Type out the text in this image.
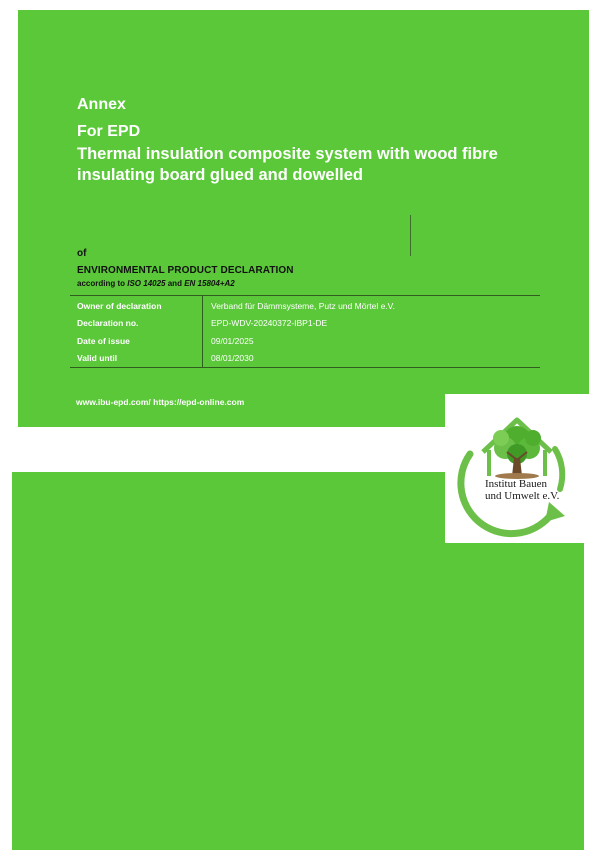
Annex
For EPD

Thermal insulation composite system with wood fibre insulating board glued and dowelled

of
ENVIRONMENTAL PRODUCT DECLARATION
according to ISO 14025 and EN 15804+A2
Owner of declaration	Verband für Dämmsysteme, Putz und Mörtel e.V.
Declaration no.	EPD-WDV-20240372-IBP1-DE
Date of issue	09/01/2025
Valid until	08/01/2030
www.ibu-epd.com/ https://epd-online.com
Institut Bauen
und Umwelt e.V.
